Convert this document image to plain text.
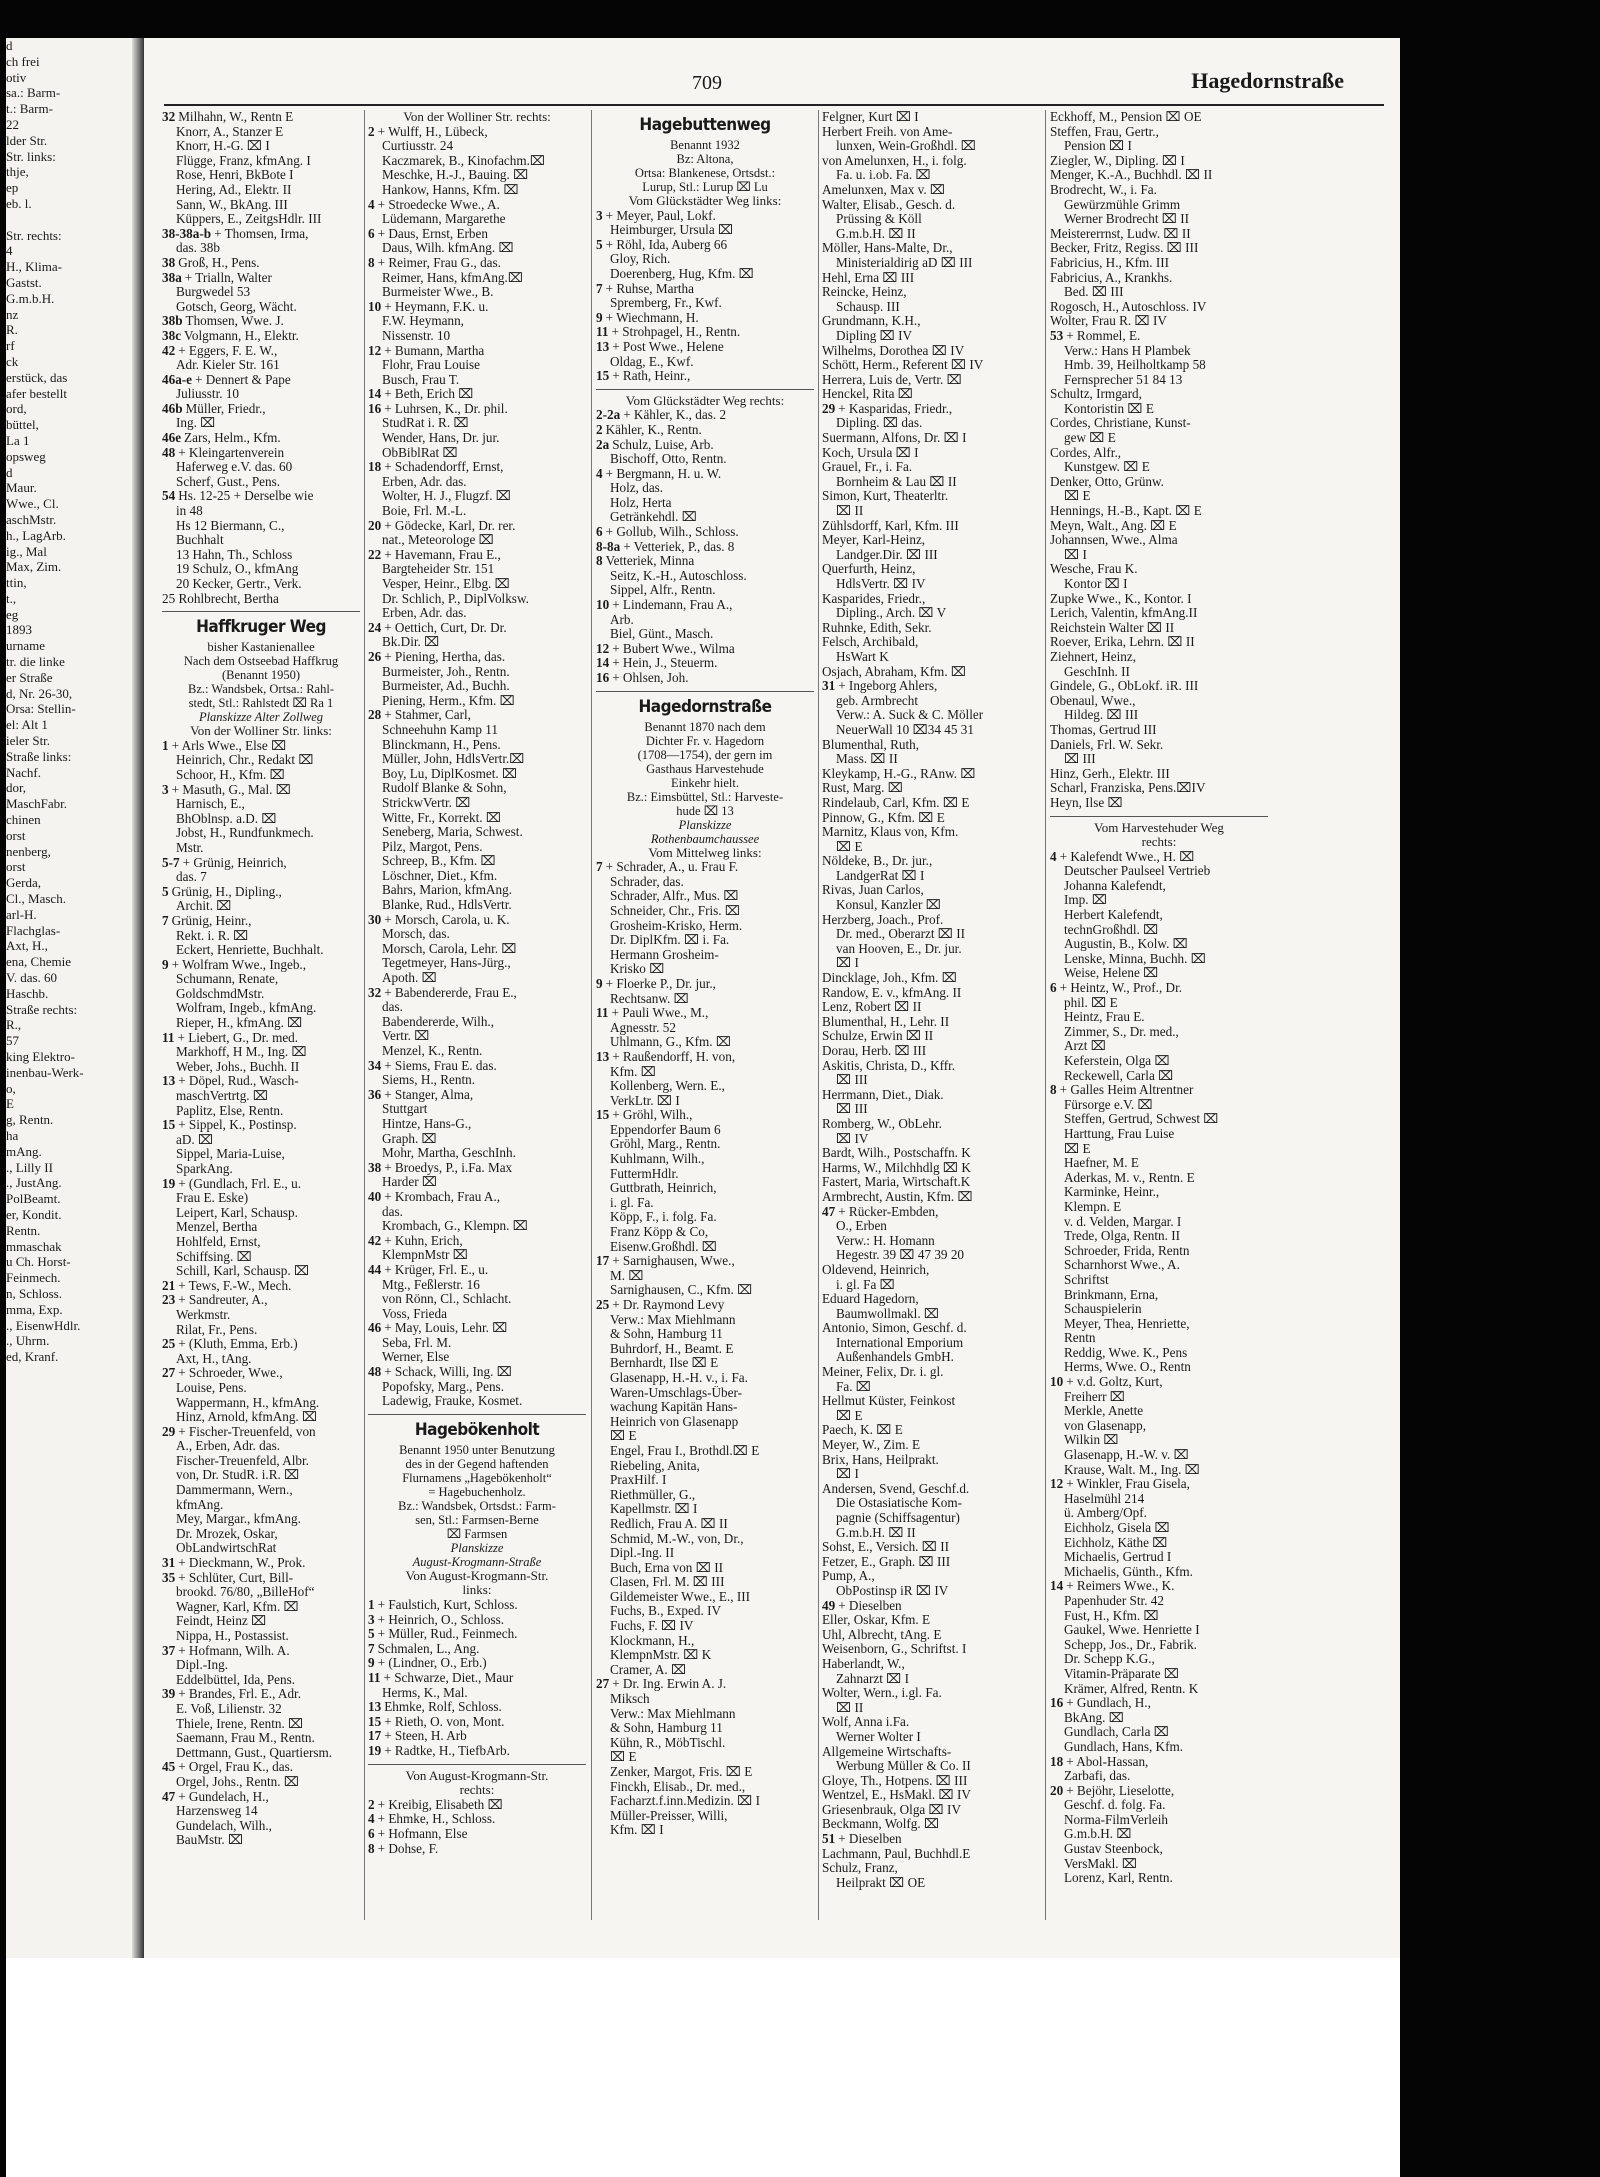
d
ch frei
otiv
sa.: Barm-
t.: Barm-
22
lder Str.
Str. links:
thje,
ep
eb. l.

Str. rechts:
4
H., Klima-
Gastst.
G.m.b.H.
nz
R.
rf
ck
erstück, das
afer bestellt
ord,
büttel,
La 1
opsweg
d
Maur.
Wwe., Cl.
aschMstr.
h., LagArb.
ig., Mal
Max, Zim.
ttin,
t.,
eg
1893
urname
tr. die linke
er Straße
d, Nr. 26-30,
Orsa: Stellin-
el: Alt 1
ieler Str.
Straße links:
Nachf.
dor,
MaschFabr.
chinen
orst
nenberg,
orst
Gerda,
Cl., Masch.
arl-H.
Flachglas-
Axt, H.,
ena, Chemie
V. das. 60
Haschb.
Straße rechts:
R.,
57
king Elektro-
inenbau-Werk-
o,
E
g, Rentn.
ha
mAng.
., Lilly II
., JustAng.
PolBeamt.
er, Kondit.
Rentn.
mmaschak
u Ch. Horst-
Feinmech.
n, Schloss.
mma, Exp.
., EisenwHdlr.
., Uhrm.
ed, Kranf.
709	Hagedornstraße
32 Milhahn, W., Rentn E
Knorr, A., Stanzer E
Knorr, H.-G. ⌧ I
Flügge, Franz, kfmAng. I
Rose, Henri, BkBote I
Hering, Ad., Elektr. II
Sann, W., BkAng. III
Küppers, E., ZeitgsHdlr. III
38-38a-b + Thomsen, Irma,
das. 38b
38 Groß, H., Pens.
38a + Trialln, Walter
Burgwedel 53
Gotsch, Georg, Wächt.
38b Thomsen, Wwe. J.
38c Volgmann, H., Elektr.
42 + Eggers, F. E. W.,
Adr. Kieler Str. 161
46a-e + Dennert & Pape
Juliusstr. 10
46b Müller, Friedr.,
Ing. ⌧
46e Zars, Helm., Kfm.
48 + Kleingartenverein
Haferweg e.V. das. 60
Scherf, Gust., Pens.
54 Hs. 12-25 + Derselbe wie
in 48
Hs 12 Biermann, C.,
Buchhalt
13 Hahn, Th., Schloss
19 Schulz, O., kfmAng
20 Kecker, Gertr., Verk.
25 Rohlbrecht, Bertha
Haffkruger Weg
bisher Kastanienallee
Nach dem Ostseebad Haffkrug
(Benannt 1950)
Bz.: Wandsbek, Ortsa.: Rahl-
stedt, Stl.: Rahlstedt ⌧ Ra 1
Planskizze Alter Zollweg
Von der Wolliner Str. links:
1 + Arls Wwe., Else ⌧
Heinrich, Chr., Redakt ⌧
Schoor, H., Kfm. ⌧
3 + Masuth, G., Mal. ⌧
Harnisch, E.,
BhOblnsp. a.D. ⌧
Jobst, H., Rundfunkmech.
Mstr.
5-7 + Grünig, Heinrich,
das. 7
5 Grünig, H., Dipling.,
Archit. ⌧
7 Grünig, Heinr.,
Rekt. i. R. ⌧
Eckert, Henriette, Buchhalt.
9 + Wolfram Wwe., Ingeb.,
Schumann, Renate,
GoldschmdMstr.
Wolfram, Ingeb., kfmAng.
Rieper, H., kfmAng. ⌧
11 + Liebert, G., Dr. med.
Markhoff, H M., Ing. ⌧
Weber, Johs., Buchh. II
13 + Döpel, Rud., Wasch-
maschVertrtg. ⌧
Paplitz, Else, Rentn.
15 + Sippel, K., Postinsp.
aD. ⌧
Sippel, Maria-Luise,
SparkAng.
19 + (Gundlach, Frl. E., u.
Frau E. Eske)
Leipert, Karl, Schausp.
Menzel, Bertha
Hohlfeld, Ernst,
Schiffsing. ⌧
Schill, Karl, Schausp. ⌧
21 + Tews, F.-W., Mech.
23 + Sandreuter, A.,
Werkmstr.
Rilat, Fr., Pens.
25 + (Kluth, Emma, Erb.)
Axt, H., tAng.
27 + Schroeder, Wwe.,
Louise, Pens.
Wappermann, H., kfmAng.
Hinz, Arnold, kfmAng. ⌧
29 + Fischer-Treuenfeld, von
A., Erben, Adr. das.
Fischer-Treuenfeld, Albr.
von, Dr. StudR. i.R. ⌧
Dammermann, Wern.,
kfmAng.
Mey, Margar., kfmAng.
Dr. Mrozek, Oskar,
ObLandwirtschRat
31 + Dieckmann, W., Prok.
35 + Schlüter, Curt, Bill-
brookd. 76/80, „BilleHof“
Wagner, Karl, Kfm. ⌧
Feindt, Heinz ⌧
Nippa, H., Postassist.
37 + Hofmann, Wilh. A.
Dipl.-Ing.
Eddelbüttel, Ida, Pens.
39 + Brandes, Frl. E., Adr.
E. Voß, Lilienstr. 32
Thiele, Irene, Rentn. ⌧
Saemann, Frau M., Rentn.
Dettmann, Gust., Quartiersm.
45 + Orgel, Frau K., das.
Orgel, Johs., Rentn. ⌧
47 + Gundelach, H.,
Harzensweg 14
Gundelach, Wilh.,
BauMstr. ⌧
Von der Wolliner Str. rechts:
2 + Wulff, H., Lübeck,
Curtiusstr. 24
Kaczmarek, B., Kinofachm.⌧
Meschke, H.-J., Bauing. ⌧
Hankow, Hanns, Kfm. ⌧
4 + Stroedecke Wwe., A.
Lüdemann, Margarethe
6 + Daus, Ernst, Erben
Daus, Wilh. kfmAng. ⌧
8 + Reimer, Frau G., das.
Reimer, Hans, kfmAng.⌧
Burmeister Wwe., B.
10 + Heymann, F.K. u.
F.W. Heymann,
Nissenstr. 10
12 + Bumann, Martha
Flohr, Frau Louise
Busch, Frau T.
14 + Beth, Erich ⌧
16 + Luhrsen, K., Dr. phil.
StudRat i. R. ⌧
Wender, Hans, Dr. jur.
ObBiblRat ⌧
18 + Schadendorff, Ernst,
Erben, Adr. das.
Wolter, H. J., Flugzf. ⌧
Boie, Frl. M.-L.
20 + Gödecke, Karl, Dr. rer.
nat., Meteorologe ⌧
22 + Havemann, Frau E.,
Bargteheider Str. 151
Vesper, Heinr., Elbg. ⌧
Dr. Schlich, P., DiplVolksw.
Erben, Adr. das.
24 + Oettich, Curt, Dr. Dr.
Bk.Dir. ⌧
26 + Piening, Hertha, das.
Burmeister, Joh., Rentn.
Burmeister, Ad., Buchh.
Piening, Herm., Kfm. ⌧
28 + Stahmer, Carl,
Schneehuhn Kamp 11
Blinckmann, H., Pens.
Müller, John, HdlsVertr.⌧
Boy, Lu, DiplKosmet. ⌧
Rudolf Blanke & Sohn,
StrickwVertr. ⌧
Witte, Fr., Korrekt. ⌧
Seneberg, Maria, Schwest.
Pilz, Margot, Pens.
Schreep, B., Kfm. ⌧
Löschner, Diet., Kfm.
Bahrs, Marion, kfmAng.
Blanke, Rud., HdlsVertr.
30 + Morsch, Carola, u. K.
Morsch, das.
Morsch, Carola, Lehr. ⌧
Tegetmeyer, Hans-Jürg.,
Apoth. ⌧
32 + Babendererde, Frau E.,
das.
Babendererde, Wilh.,
Vertr. ⌧
Menzel, K., Rentn.
34 + Siems, Frau E. das.
Siems, H., Rentn.
36 + Stanger, Alma,
Stuttgart
Hintze, Hans-G.,
Graph. ⌧
Mohr, Martha, GeschInh.
38 + Broedys, P., i.Fa. Max
Harder ⌧
40 + Krombach, Frau A.,
das.
Krombach, G., Klempn. ⌧
42 + Kuhn, Erich,
KlempnMstr ⌧
44 + Krüger, Frl. E., u.
Mtg., Feßlerstr. 16
von Rönn, Cl., Schlacht.
Voss, Frieda
46 + May, Louis, Lehr. ⌧
Seba, Frl. M.
Werner, Else
48 + Schack, Willi, Ing. ⌧
Popofsky, Marg., Pens.
Ladewig, Frauke, Kosmet.
Hagebökenholt
Benannt 1950 unter Benutzung
des in der Gegend haftenden
Flurnamens „Hagebökenholt“
= Hagebuchenholz.
Bz.: Wandsbek, Ortsdst.: Farm-
sen, Stl.: Farmsen-Berne
⌧ Farmsen
Planskizze
August-Krogmann-Straße
Von August-Krogmann-Str.
links:
1 + Faulstich, Kurt, Schloss.
3 + Heinrich, O., Schloss.
5 + Müller, Rud., Feinmech.
7 Schmalen, L., Ang.
9 + (Lindner, O., Erb.)
11 + Schwarze, Diet., Maur
Herms, K., Mal.
13 Ehmke, Rolf, Schloss.
15 + Rieth, O. von, Mont.
17 + Steen, H. Arb
19 + Radtke, H., TiefbArb.
Von August-Krogmann-Str.
rechts:
2 + Kreibig, Elisabeth ⌧
4 + Ehmke, H., Schloss.
6 + Hofmann, Else
8 + Dohse, F.
Hagebuttenweg
Benannt 1932
Bz: Altona,
Ortsa: Blankenese, Ortsdst.:
Lurup, Stl.: Lurup ⌧ Lu
Vom Glückstädter Weg links:
3 + Meyer, Paul, Lokf.
Heimburger, Ursula ⌧
5 + Röhl, Ida, Auberg 66
Gloy, Rich.
Doerenberg, Hug, Kfm. ⌧
7 + Ruhse, Martha
Spremberg, Fr., Kwf.
9 + Wiechmann, H.
11 + Strohpagel, H., Rentn.
13 + Post Wwe., Helene
Oldag, E., Kwf.
15 + Rath, Heinr.,
Vom Glückstädter Weg rechts:
2-2a + Kähler, K., das. 2
2 Kähler, K., Rentn.
2a Schulz, Luise, Arb.
Bischoff, Otto, Rentn.
4 + Bergmann, H. u. W.
Holz, das.
Holz, Herta
Getränkehdl. ⌧
6 + Gollub, Wilh., Schloss.
8-8a + Vetteriek, P., das. 8
8 Vetteriek, Minna
Seitz, K.-H., Autoschloss.
Sippel, Alfr., Rentn.
10 + Lindemann, Frau A.,
Arb.
Biel, Günt., Masch.
12 + Bubert Wwe., Wilma
14 + Hein, J., Steuerm.
16 + Ohlsen, Joh.
Hagedornstraße
Benannt 1870 nach dem
Dichter Fr. v. Hagedorn
(1708—1754), der gern im
Gasthaus Harvestehude
Einkehr hielt.
Bz.: Eimsbüttel, Stl.: Harveste-
hude ⌧ 13
Planskizze
Rothenbaumchaussee
Vom Mittelweg links:
7 + Schrader, A., u. Frau F.
Schrader, das.
Schrader, Alfr., Mus. ⌧
Schneider, Chr., Fris. ⌧
Grosheim-Krisko, Herm.
Dr. DiplKfm. ⌧ i. Fa.
Hermann Grosheim-
Krisko ⌧
9 + Floerke P., Dr. jur.,
Rechtsanw. ⌧
11 + Pauli Wwe., M.,
Agnesstr. 52
Uhlmann, G., Kfm. ⌧
13 + Raußendorff, H. von,
Kfm. ⌧
Kollenberg, Wern. E.,
VerkLtr. ⌧ I
15 + Gröhl, Wilh.,
Eppendorfer Baum 6
Gröhl, Marg., Rentn.
Kuhlmann, Wilh.,
FuttermHdlr.
Guttbrath, Heinrich,
i. gl. Fa.
Köpp, F., i. folg. Fa.
Franz Köpp & Co,
Eisenw.Großhdl. ⌧
17 + Sarnighausen, Wwe.,
M. ⌧
Sarnighausen, C., Kfm. ⌧
25 + Dr. Raymond Levy
Verw.: Max Miehlmann
& Sohn, Hamburg 11
Buhrdorf, H., Beamt. E
Bernhardt, Ilse ⌧ E
Glasenapp, H.-H. v., i. Fa.
Waren-Umschlags-Über-
wachung Kapitän Hans-
Heinrich von Glasenapp
⌧ E
Engel, Frau I., Brothdl.⌧ E
Riebeling, Anita,
PraxHilf. I
Riethmüller, G.,
Kapellmstr. ⌧ I
Redlich, Frau A. ⌧ II
Schmid, M.-W., von, Dr.,
Dipl.-Ing. II
Buch, Erna von ⌧ II
Clasen, Frl. M. ⌧ III
Gildemeister Wwe., E., III
Fuchs, B., Exped. IV
Fuchs, F. ⌧ IV
Klockmann, H.,
KlempnMstr. ⌧ K
Cramer, A. ⌧
27 + Dr. Ing. Erwin A. J.
Miksch
Verw.: Max Miehlmann
& Sohn, Hamburg 11
Kühn, R., MöbTischl.
⌧ E
Zenker, Margot, Fris. ⌧ E
Finckh, Elisab., Dr. med.,
Facharzt.f.inn.Medizin. ⌧ I
Müller-Preisser, Willi,
Kfm. ⌧ I
Felgner, Kurt ⌧ I
Herbert Freih. von Ame-
lunxen, Wein-Großhdl. ⌧
von Amelunxen, H., i. folg.
Fa. u. i.ob. Fa. ⌧
Amelunxen, Max v. ⌧
Walter, Elisab., Gesch. d.
Prüssing & Köll
G.m.b.H. ⌧ II
Möller, Hans-Malte, Dr.,
Ministerialdirig aD ⌧ III
Hehl, Erna ⌧ III
Reincke, Heinz,
Schausp. III
Grundmann, K.H.,
Dipling ⌧ IV
Wilhelms, Dorothea ⌧ IV
Schött, Herm., Referent ⌧ IV
Herrera, Luis de, Vertr. ⌧
Henckel, Rita ⌧
29 + Kasparidas, Friedr.,
Dipling. ⌧ das.
Suermann, Alfons, Dr. ⌧ I
Koch, Ursula ⌧ I
Grauel, Fr., i. Fa.
Bornheim & Lau ⌧ II
Simon, Kurt, Theaterltr.
⌧ II
Zühlsdorff, Karl, Kfm. III
Meyer, Karl-Heinz,
Landger.Dir. ⌧ III
Querfurth, Heinz,
HdlsVertr. ⌧ IV
Kasparides, Friedr.,
Dipling., Arch. ⌧ V
Ruhnke, Edith, Sekr.
Felsch, Archibald,
HsWart K
Osjach, Abraham, Kfm. ⌧
31 + Ingeborg Ahlers,
geb. Armbrecht
Verw.: A. Suck & C. Möller
NeuerWall 10 ⌧34 45 31
Blumenthal, Ruth,
Mass. ⌧ II
Kleykamp, H.-G., RAnw. ⌧
Rust, Marg. ⌧
Rindelaub, Carl, Kfm. ⌧ E
Pinnow, G., Kfm. ⌧ E
Marnitz, Klaus von, Kfm.
⌧ E
Nöldeke, B., Dr. jur.,
LandgerRat ⌧ I
Rivas, Juan Carlos,
Konsul, Kanzler ⌧
Herzberg, Joach., Prof.
Dr. med., Oberarzt ⌧ II
van Hooven, E., Dr. jur.
⌧ I
Dincklage, Joh., Kfm. ⌧
Randow, E. v., kfmAng. II
Lenz, Robert ⌧ II
Blumenthal, H., Lehr. II
Schulze, Erwin ⌧ II
Dorau, Herb. ⌧ III
Askitis, Christa, D., Kffr.
⌧ III
Herrmann, Diet., Diak.
⌧ III
Romberg, W., ObLehr.
⌧ IV
Bardt, Wilh., Postschaffn. K
Harms, W., Milchhdlg ⌧ K
Fastert, Maria, Wirtschaft.K
Armbrecht, Austin, Kfm. ⌧
47 + Rücker-Embden,
O., Erben
Verw.: H. Homann
Hegestr. 39 ⌧ 47 39 20
Oldevend, Heinrich,
i. gl. Fa ⌧
Eduard Hagedorn,
Baumwollmakl. ⌧
Antonio, Simon, Geschf. d.
International Emporium
Außenhandels GmbH.
Meiner, Felix, Dr. i. gl.
Fa. ⌧
Hellmut Küster, Feinkost
⌧ E
Paech, K. ⌧ E
Meyer, W., Zim. E
Brix, Hans, Heilprakt.
⌧ I
Andersen, Svend, Geschf.d.
Die Ostasiatische Kom-
pagnie (Schiffsagentur)
G.m.b.H. ⌧ II
Sohst, E., Versich. ⌧ II
Fetzer, E., Graph. ⌧ III
Pump, A.,
ObPostinsp iR ⌧ IV
49 + Dieselben
Eller, Oskar, Kfm. E
Uhl, Albrecht, tAng. E
Weisenborn, G., Schriftst. I
Haberlandt, W.,
Zahnarzt ⌧ I
Wolter, Wern., i.gl. Fa.
⌧ II
Wolf, Anna i.Fa.
Werner Wolter I
Allgemeine Wirtschafts-
Werbung Müller & Co. II
Gloye, Th., Hotpens. ⌧ III
Wentzel, E., HsMakl. ⌧ IV
Griesenbrauk, Olga ⌧ IV
Beckmann, Wolfg. ⌧
51 + Dieselben
Lachmann, Paul, Buchhdl.E
Schulz, Franz,
Heilprakt ⌧ OE
Eckhoff, M., Pension ⌧ OE
Steffen, Frau, Gertr.,
Pension ⌧ I
Ziegler, W., Dipling. ⌧ I
Menger, K.-A., Buchhdl. ⌧ II
Brodrecht, W., i. Fa.
Gewürzmühle Grimm
Werner Brodrecht ⌧ II
Meistererrnst, Ludw. ⌧ II
Becker, Fritz, Regiss. ⌧ III
Fabricius, H., Kfm. III
Fabricius, A., Krankhs.
Bed. ⌧ III
Rogosch, H., Autoschloss. IV
Wolter, Frau R. ⌧ IV
53 + Rommel, E.
Verw.: Hans H Plambek
Hmb. 39, Heilholtkamp 58
Fernsprecher 51 84 13
Schultz, Irmgard,
Kontoristin ⌧ E
Cordes, Christiane, Kunst-
gew ⌧ E
Cordes, Alfr.,
Kunstgew. ⌧ E
Denker, Otto, Grünw.
⌧ E
Hennings, H.-B., Kapt. ⌧ E
Meyn, Walt., Ang. ⌧ E
Johannsen, Wwe., Alma
⌧ I
Wesche, Frau K.
Kontor ⌧ I
Zupke Wwe., K., Kontor. I
Lerich, Valentin, kfmAng.II
Reichstein Walter ⌧ II
Roever, Erika, Lehrn. ⌧ II
Ziehnert, Heinz,
GeschInh. II
Gindele, G., ObLokf. iR. III
Obenaul, Wwe.,
Hildeg. ⌧ III
Thomas, Gertrud III
Daniels, Frl. W. Sekr.
⌧ III
Hinz, Gerh., Elektr. III
Scharl, Franziska, Pens.⌧IV
Heyn, Ilse ⌧
Vom Harvestehuder Weg
rechts:
4 + Kalefendt Wwe., H. ⌧
Deutscher Paulseel Vertrieb
Johanna Kalefendt,
Imp. ⌧
Herbert Kalefendt,
technGroßhdl. ⌧
Augustin, B., Kolw. ⌧
Lenske, Minna, Buchh. ⌧
Weise, Helene ⌧
6 + Heintz, W., Prof., Dr.
phil. ⌧ E
Heintz, Frau E.
Zimmer, S., Dr. med.,
Arzt ⌧
Keferstein, Olga ⌧
Reckewell, Carla ⌧
8 + Galles Heim Altrentner
Fürsorge e.V. ⌧
Steffen, Gertrud, Schwest ⌧
Harttung, Frau Luise
⌧ E
Haefner, M. E
Aderkas, M. v., Rentn. E
Karminke, Heinr.,
Klempn. E
v. d. Velden, Margar. I
Trede, Olga, Rentn. II
Schroeder, Frida, Rentn
Scharnhorst Wwe., A.
Schriftst
Brinkmann, Erna,
Schauspielerin
Meyer, Thea, Henriette,
Rentn
Reddig, Wwe. K., Pens
Herms, Wwe. O., Rentn
10 + v.d. Goltz, Kurt,
Freiherr ⌧
Merkle, Anette
von Glasenapp,
Wilkin ⌧
Glasenapp, H.-W. v. ⌧
Krause, Walt. M., Ing. ⌧
12 + Winkler, Frau Gisela,
Haselmühl 214
ü. Amberg/Opf.
Eichholz, Gisela ⌧
Eichholz, Käthe ⌧
Michaelis, Gertrud I
Michaelis, Günth., Kfm.
14 + Reimers Wwe., K.
Papenhuder Str. 42
Fust, H., Kfm. ⌧
Gaukel, Wwe. Henriette I
Schepp, Jos., Dr., Fabrik.
Dr. Schepp K.G.,
Vitamin-Präparate ⌧
Krämer, Alfred, Rentn. K
16 + Gundlach, H.,
BkAng. ⌧
Gundlach, Carla ⌧
Gundlach, Hans, Kfm.
18 + Abol-Hassan,
Zarbafi, das.
20 + Bejöhr, Lieselotte,
Geschf. d. folg. Fa.
Norma-FilmVerleih
G.m.b.H. ⌧
Gustav Steenbock,
VersMakl. ⌧
Lorenz, Karl, Rentn.
